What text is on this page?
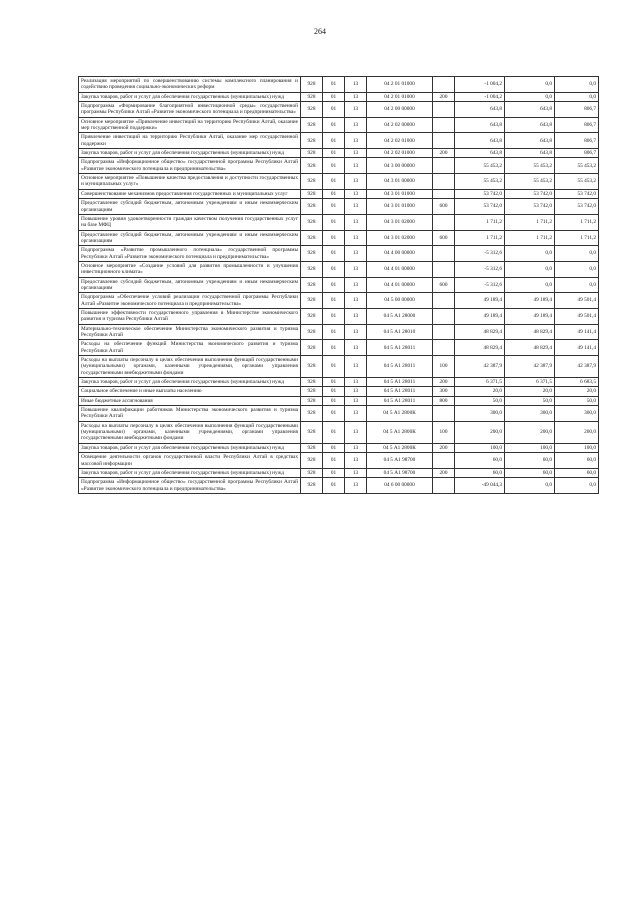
264
Реализация мероприятий по совершенствованию системы комплексного планирования и содействию проведения социально-экономических реформ	928	01	13	04 2 01 01000		-1 004,2	0,0	0,0
Закупка товаров, работ и услуг для обеспечения государственных (муниципальных) нужд	928	01	13	04 2 01 01000	200	-1 004,2	0,0	0,0
Подпрограмма «Формирование благоприятной инвестиционной среды» государственной программы Республики Алтай «Развитие экономического потенциала и предпринимательства»	928	01	13	04 2 00 00000		643,8	643,8	806,7
Основное мероприятие «Привлечение инвестиций на территорию Республики Алтай, оказание мер государственной поддержки»	928	01	13	04 2 02 00000		643,8	643,8	806,7
Привлечение инвестиций на территорию Республики Алтай, оказание мер государственной поддержки	928	01	13	04 2 02 01000		643,8	643,8	806,7
Закупка товаров, работ и услуг для обеспечения государственных (муниципальных) нужд	928	01	13	04 2 02 01000	200	643,8	643,8	806,7
Подпрограмма «Информационное общество» государственной программы Республики Алтай «Развитие экономического потенциала и предпринимательства»	928	01	13	04 3 00 00000		55 453,2	55 453,2	55 453,2
Основное мероприятие «Повышение качества предоставления и доступности государственных и муниципальных услуг»	928	01	13	04 3 01 00000		55 453,2	55 453,2	55 453,2
Совершенствование механизмов предоставления государственных и муниципальных услуг	928	01	13	04 3 01 01000		53 742,0	53 742,0	53 742,0
Предоставление субсидий бюджетным, автономным учреждениям и иным некоммерческим организациям	928	01	13	04 3 01 01000	600	53 742,0	53 742,0	53 742,0
Повышение уровня удовлетворенности граждан качеством получения государственных услуг на базе МФЦ	928	01	13	04 3 01 02000		1 711,2	1 711,2	1 711,2
Предоставление субсидий бюджетным, автономным учреждениям и иным некоммерческим организациям	928	01	13	04 3 01 02000	600	1 711,2	1 711,2	1 711,2
Подпрограмма «Развитие промышленного потенциала» государственной программы Республики Алтай «Развитие экономического потенциала и предпринимательства»	928	01	13	04 4 00 00000		-5 312,6	0,0	0,0
Основное мероприятие «Создание условий для развития промышленности и улучшения инвестиционного климата»	928	01	13	04 4 01 00000		-5 312,6	0,0	0,0
Предоставление субсидий бюджетным, автономным учреждениям и иным некоммерческим организациям	928	01	13	04 4 01 00000	600	-5 312,6	0,0	0,0
Подпрограмма «Обеспечение условий реализации государственной программы Республики Алтай «Развитие экономического потенциала и предпринимательства»	928	01	13	04 5 00 00000		49 189,4	49 189,4	49 501,4
Повышение эффективности государственного управления в Министерстве экономического развития и туризма Республики Алтай	928	01	13	04 5 А1 28000		49 189,4	49 189,4	49 501,4
Материально-техническое обеспечение Министерства экономического развития и туризма Республики Алтай	928	01	13	04 5 А1 28010		48 829,4	48 829,4	49 141,4
Расходы на обеспечение функций Министерства экономического развития и туризма Республики Алтай	928	01	13	04 5 А1 28011		48 829,4	48 829,4	49 141,4
Расходы на выплаты персоналу в целях обеспечения выполнения функций государственными (муниципальными) органами, казенными учреждениями, органами управления государственными внебюджетными фондами	928	01	13	04 5 А1 28011	100	42 387,9	42 387,9	42 387,9
Закупка товаров, работ и услуг для обеспечения государственных (муниципальных) нужд	928	01	13	04 5 А1 28011	200	6 371,5	6 371,5	6 683,5
Социальное обеспечение и иные выплаты населению	928	01	13	04 5 А1 28011	300	20,0	20,0	20,0
Иные бюджетные ассигнования	928	01	13	04 5 А1 28011	800	50,0	50,0	50,0
Повышение квалификации работников Министерства экономического развития и туризма Республики Алтай	928	01	13	04 5 А1 2800К		300,0	300,0	300,0
Расходы на выплаты персоналу в целях обеспечения выполнения функций государственными (муниципальными) органами, казенными учреждениями, органами управления государственными внебюджетными фондами	928	01	13	04 5 А1 2800К	100	200,0	200,0	200,0
Закупка товаров, работ и услуг для обеспечения государственных (муниципальных) нужд	928	01	13	04 5 А1 2800К	200	100,0	100,0	100,0
Освещение деятельности органов государственной власти Республики Алтай в средствах массовой информации	928	01	13	04 5 А1 98700		60,0	60,0	60,0
Закупка товаров, работ и услуг для обеспечения государственных (муниципальных) нужд	928	01	13	04 5 А1 98700	200	60,0	60,0	60,0
Подпрограмма «Информационное общество» государственной программы Республики Алтай «Развитие экономического потенциала и предпринимательства»	928	01	13	04 6 00 00000		-49 044,3	0,0	0,0
